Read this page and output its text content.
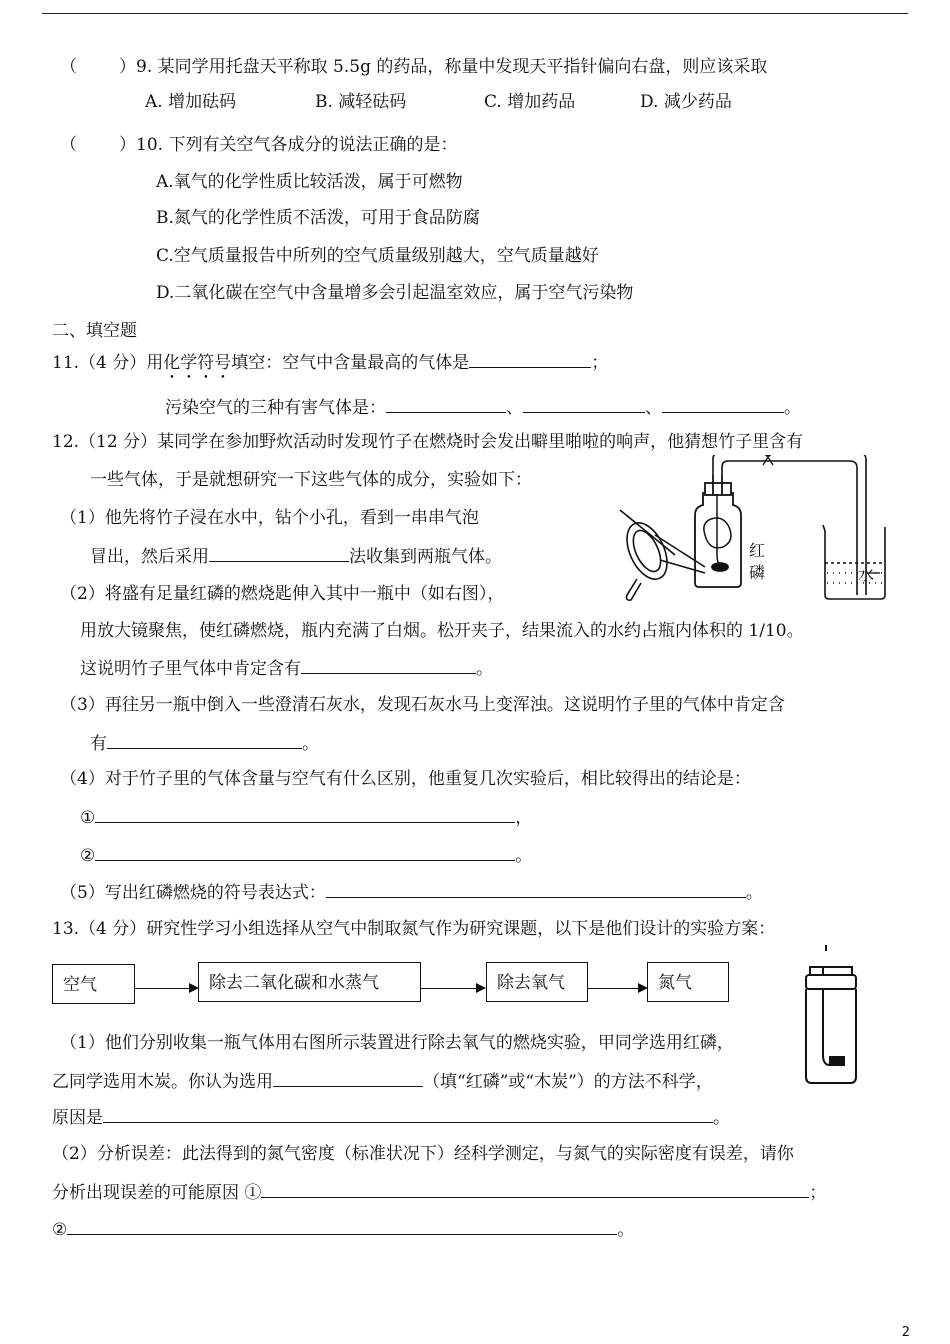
（ ）9. 某同学用托盘天平称取 5.5g 的药品，称量中发现天平指针偏向右盘，则应该采取
A. 增加砝码	B. 减轻砝码	C. 增加药品	D. 减少药品
（ ）10. 下列有关空气各成分的说法正确的是：
A.氧气的化学性质比较活泼，属于可燃物
B.氮气的化学性质不活泼，可用于食品防腐
C.空气质量报告中所列的空气质量级别越大，空气质量越好
D.二氧化碳在空气中含量增多会引起温室效应，属于空气污染物
二、填空题
11.（4 分）用化学符号填空：空气中含量最高的气体是	；
污染空气的三种有害气体是：	、	、	。
12.（12 分）某同学在参加野炊活动时发现竹子在燃烧时会发出噼里啪啦的响声，他猜想竹子里含有
一些气体，于是就想研究一下这些气体的成分，实验如下：
（1）他先将竹子浸在水中，钻个小孔，看到一串串气泡
冒出，然后采用	法收集到两瓶气体。
（2）将盛有足量红磷的燃烧匙伸入其中一瓶中（如右图），
用放大镜聚焦，使红磷燃烧，瓶内充满了白烟。松开夹子，结果流入的水约占瓶内体积的 1/10。
这说明竹子里气体中肯定含有	。
（3）再往另一瓶中倒入一些澄清石灰水，发现石灰水马上变浑浊。这说明竹子里的气体中肯定含
有	。
（4）对于竹子里的气体含量与空气有什么区别，他重复几次实验后，相比较得出的结论是：
①	，
②	。
（5）写出红磷燃烧的符号表达式：	。
红
磷	水
13.（4 分）研究性学习小组选择从空气中制取氮气作为研究课题，以下是他们设计的实验方案：
空气	除去二氧化碳和水蒸气	除去氧气	氮气
（1）他们分别收集一瓶气体用右图所示装置进行除去氧气的燃烧实验，甲同学选用红磷，
乙同学选用木炭。你认为选用	（填“红磷”或“木炭”）的方法不科学，
原因是	。
（2）分析误差：此法得到的氮气密度（标准状况下）经科学测定，与氮气的实际密度有误差，请你
分析出现误差的可能原因 ①	；
②	。
2
